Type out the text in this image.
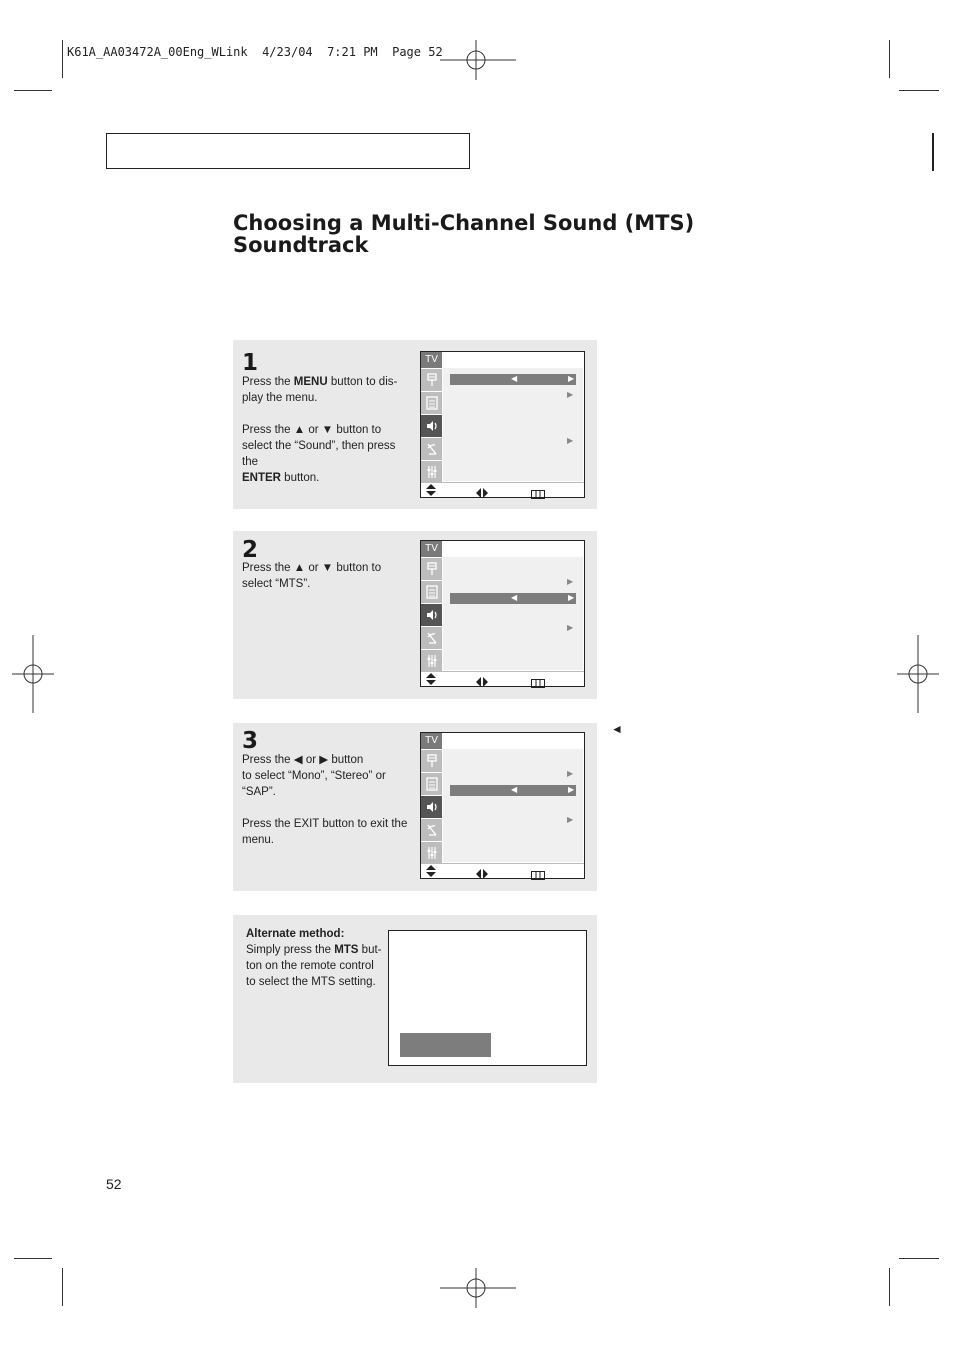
K61A_AA03472A_00Eng_WLink  4/23/04  7:21 PM  Page 52
Choosing a Multi-Channel Sound (MTS)
Soundtrack
1
Press the MENU button to dis-
play the menu.
Press the ▲ or ▼ button to
select the “Sound”, then press the
ENTER button.
2
Press the ▲ or ▼ button to
select “MTS”.
3
Press the ◀ or ▶ button
to select “Mono”, “Stereo” or
“SAP”.
Press the EXIT button to exit the
menu.
◄
TV
▶
▶
◀	▶
TV
▶
▶
◀	▶
TV
▶
▶
◀	▶
Alternate method:
Simply press the MTS but-
ton on the remote control
to select the MTS setting.
52
